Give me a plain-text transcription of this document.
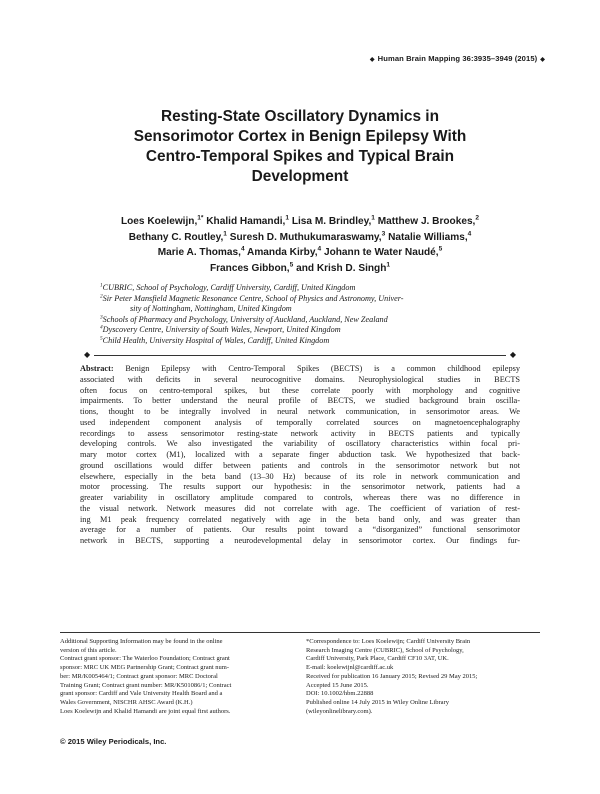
◆ Human Brain Mapping 36:3935–3949 (2015) ◆
Resting-State Oscillatory Dynamics in
Sensorimotor Cortex in Benign Epilepsy With
Centro-Temporal Spikes and Typical Brain
Development
Loes Koelewijn,$^{1*}$ Khalid Hamandi,$^1$ Lisa M. Brindley,$^1$ Matthew J. Brookes,$^2$
Bethany C. Routley,$^1$ Suresh D. Muthukumaraswamy,$^3$ Natalie Williams,$^4$
Marie A. Thomas,$^4$ Amanda Kirby,$^4$ Johann te Water Naudé,$^5$
Frances Gibbon,$^5$ and Krish D. Singh$^1$
$^1$CUBRIC, School of Psychology, Cardiff University, Cardiff, United Kingdom
$^2$Sir Peter Mansfield Magnetic Resonance Centre, School of Physics and Astronomy, Univer-
sity of Nottingham, Nottingham, United Kingdom
$^3$Schools of Pharmacy and Psychology, University of Auckland, Auckland, New Zealand
$^4$Dyscovery Centre, University of South Wales, Newport, United Kingdom
$^5$Child Health, University Hospital of Wales, Cardiff, United Kingdom
◆	◆
Abstract: Benign Epilepsy with Centro-Temporal Spikes (BECTS) is a common childhood epilepsy
associated with deficits in several neurocognitive domains. Neurophysiological studies in BECTS
often focus on centro-temporal spikes, but these correlate poorly with morphology and cognitive
impairments. To better understand the neural profile of BECTS, we studied background brain oscilla-
tions, thought to be integrally involved in neural network communication, in sensorimotor areas. We
used independent component analysis of temporally correlated sources on magnetoencephalography
recordings to assess sensorimotor resting-state network activity in BECTS patients and typically
developing controls. We also investigated the variability of oscillatory characteristics within focal pri-
mary motor cortex (M1), localized with a separate finger abduction task. We hypothesized that back-
ground oscillations would differ between patients and controls in the sensorimotor network but not
elsewhere, especially in the beta band (13–30 Hz) because of its role in network communication and
motor processing. The results support our hypothesis: in the sensorimotor network, patients had a
greater variability in oscillatory amplitude compared to controls, whereas there was no difference in
the visual network. Network measures did not correlate with age. The coefficient of variation of rest-
ing M1 peak frequency correlated negatively with age in the beta band only, and was greater than
average for a number of patients. Our results point toward a “disorganized” functional sensorimotor
network in BECTS, supporting a neurodevelopmental delay in sensorimotor cortex. Our findings fur-
Additional Supporting Information may be found in the online
version of this article.
Contract grant sponsor: The Waterloo Foundation; Contract grant
sponsor: MRC UK MEG Partnership Grant; Contract grant num-
ber: MR/K005464/1; Contract grant sponsor: MRC Doctoral
Training Grant; Contract grant number: MR/K501086/1; Contract
grant sponsor: Cardiff and Vale University Health Board and a
Wales Government, NISCHR AHSC Award (K.H.)
Loes Koelewijn and Khalid Hamandi are joint equal first authors.
*Correspondence to: Loes Koelewijn; Cardiff University Brain
Research Imaging Centre (CUBRIC), School of Psychology,
Cardiff University, Park Place, Cardiff CF10 3AT, UK.
E-mail: koelewijnl@cardiff.ac.uk
Received for publication 16 January 2015; Revised 29 May 2015;
Accepted 15 June 2015.
DOI: 10.1002/hbm.22888
Published online 14 July 2015 in Wiley Online Library
(wileyonlinelibrary.com).
© 2015 Wiley Periodicals, Inc.
